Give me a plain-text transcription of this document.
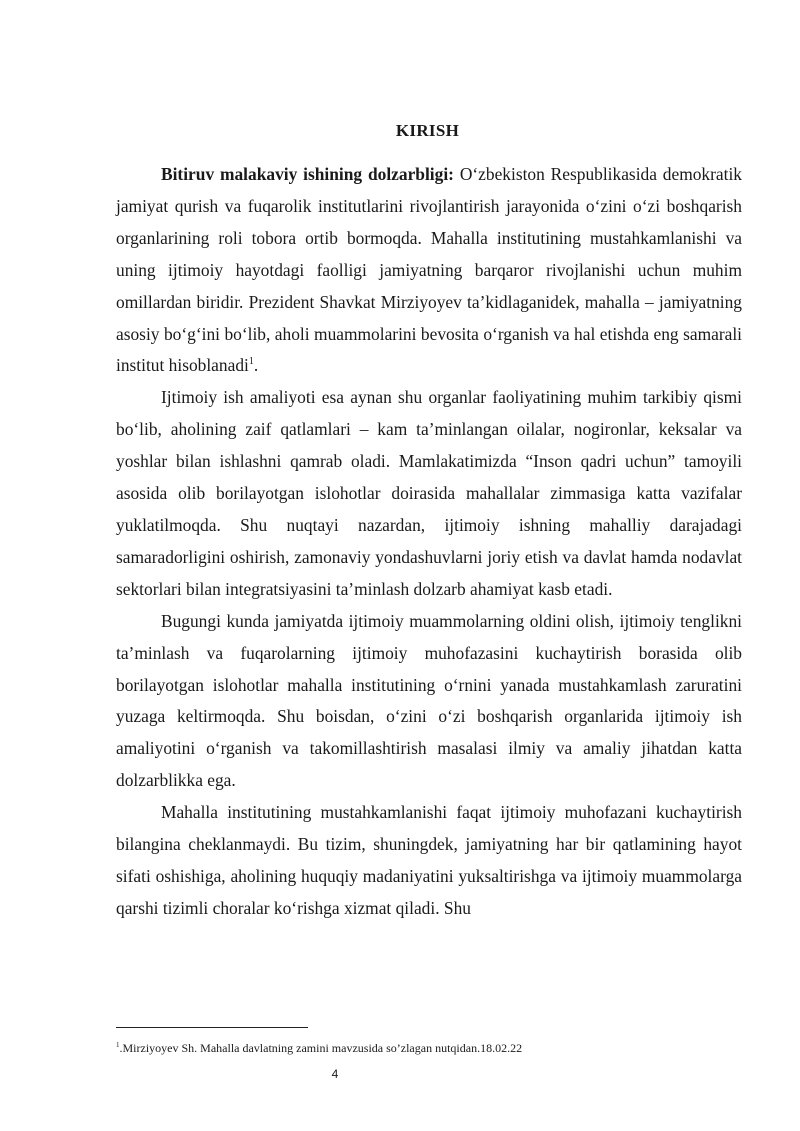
KIRISH

Bitiruv malakaviy ishining dolzarbligi: O‘zbekiston Respublikasida demokratik jamiyat qurish va fuqarolik institutlarini rivojlantirish jarayonida o‘zini o‘zi boshqarish organlarining roli tobora ortib bormoqda. Mahalla institutining mustahkamlanishi va uning ijtimoiy hayotdagi faolligi jamiyatning barqaror rivojlanishi uchun muhim omillardan biridir. Prezident Shavkat Mirziyoyev ta’kidlaganidek, mahalla – jamiyatning asosiy bo‘g‘ini bo‘lib, aholi muammolarini bevosita o‘rganish va hal etishda eng samarali institut hisoblanadi$^1$.

Ijtimoiy ish amaliyoti esa aynan shu organlar faoliyatining muhim tarkibiy qismi bo‘lib, aholining zaif qatlamlari – kam ta’minlangan oilalar, nogironlar, keksalar va yoshlar bilan ishlashni qamrab oladi. Mamlakatimizda “Inson qadri uchun” tamoyili asosida olib borilayotgan islohotlar doirasida mahallalar zimmasiga katta vazifalar yuklatilmoqda. Shu nuqtayi nazardan, ijtimoiy ishning mahalliy darajadagi samaradorligini oshirish, zamonaviy yondashuvlarni joriy etish va davlat hamda nodavlat sektorlari bilan integratsiyasini ta’minlash dolzarb ahamiyat kasb etadi.

Bugungi kunda jamiyatda ijtimoiy muammolarning oldini olish, ijtimoiy tenglikni ta’minlash va fuqarolarning ijtimoiy muhofazasini kuchaytirish borasida olib borilayotgan islohotlar mahalla institutining o‘rnini yanada mustahkamlash zaruratini yuzaga keltirmoqda. Shu boisdan, o‘zini o‘zi boshqarish organlarida ijtimoiy ish amaliyotini o‘rganish va takomillashtirish masalasi ilmiy va amaliy jihatdan katta dolzarblikka ega.

Mahalla institutining mustahkamlanishi faqat ijtimoiy muhofazani kuchaytirish bilangina cheklanmaydi. Bu tizim, shuningdek, jamiyatning har bir qatlamining hayot sifati oshishiga, aholining huquqiy madaniyatini yuksaltirishga va ijtimoiy muammolarga qarshi tizimli choralar ko‘rishga xizmat qiladi. Shu

$^1$.Mirziyoyev Sh. Mahalla davlatning zamini mavzusida so’zlagan nutqidan.18.02.22
4
